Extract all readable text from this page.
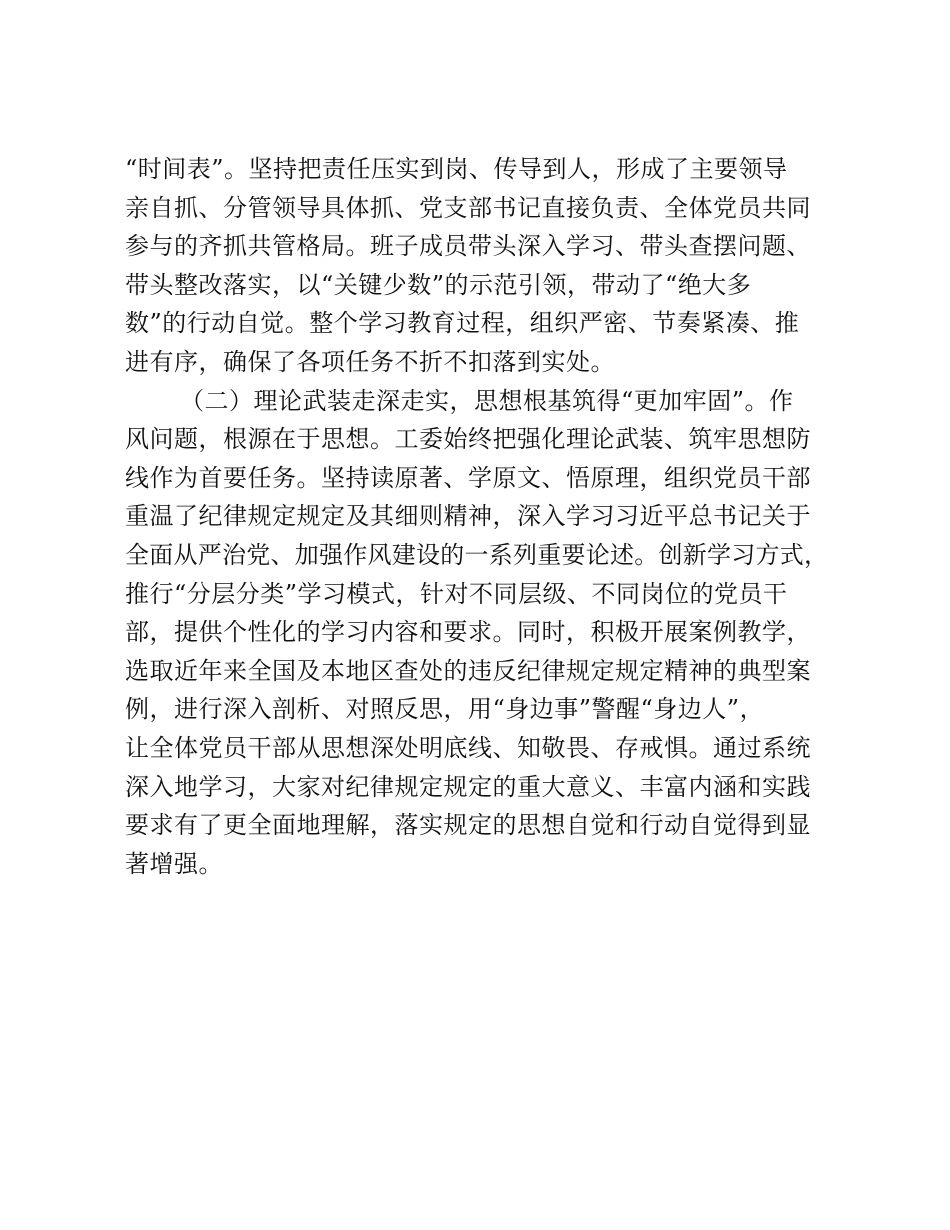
“时间表”。坚持把责任压实到岗、传导到人，形成了主要领导
亲自抓、分管领导具体抓、党支部书记直接负责、全体党员共同
参与的齐抓共管格局。班子成员带头深入学习、带头查摆问题、
带头整改落实，以“关键少数”的示范引领，带动了“绝大多
数”的行动自觉。整个学习教育过程，组织严密、节奏紧凑、推
进有序，确保了各项任务不折不扣落到实处。
（二）理论武装走深走实，思想根基筑得“更加牢固”。作
风问题，根源在于思想。工委始终把强化理论武装、筑牢思想防
线作为首要任务。坚持读原著、学原文、悟原理，组织党员干部
重温了纪律规定规定及其细则精神，深入学习习近平总书记关于
全面从严治党、加强作风建设的一系列重要论述。创新学习方式，
推行“分层分类”学习模式，针对不同层级、不同岗位的党员干
部，提供个性化的学习内容和要求。同时，积极开展案例教学，
选取近年来全国及本地区查处的违反纪律规定规定精神的典型案
例，进行深入剖析、对照反思，用“身边事”警醒“身边人”，
让全体党员干部从思想深处明底线、知敬畏、存戒惧。通过系统
深入地学习，大家对纪律规定规定的重大意义、丰富内涵和实践
要求有了更全面地理解，落实规定的思想自觉和行动自觉得到显
著增强。
